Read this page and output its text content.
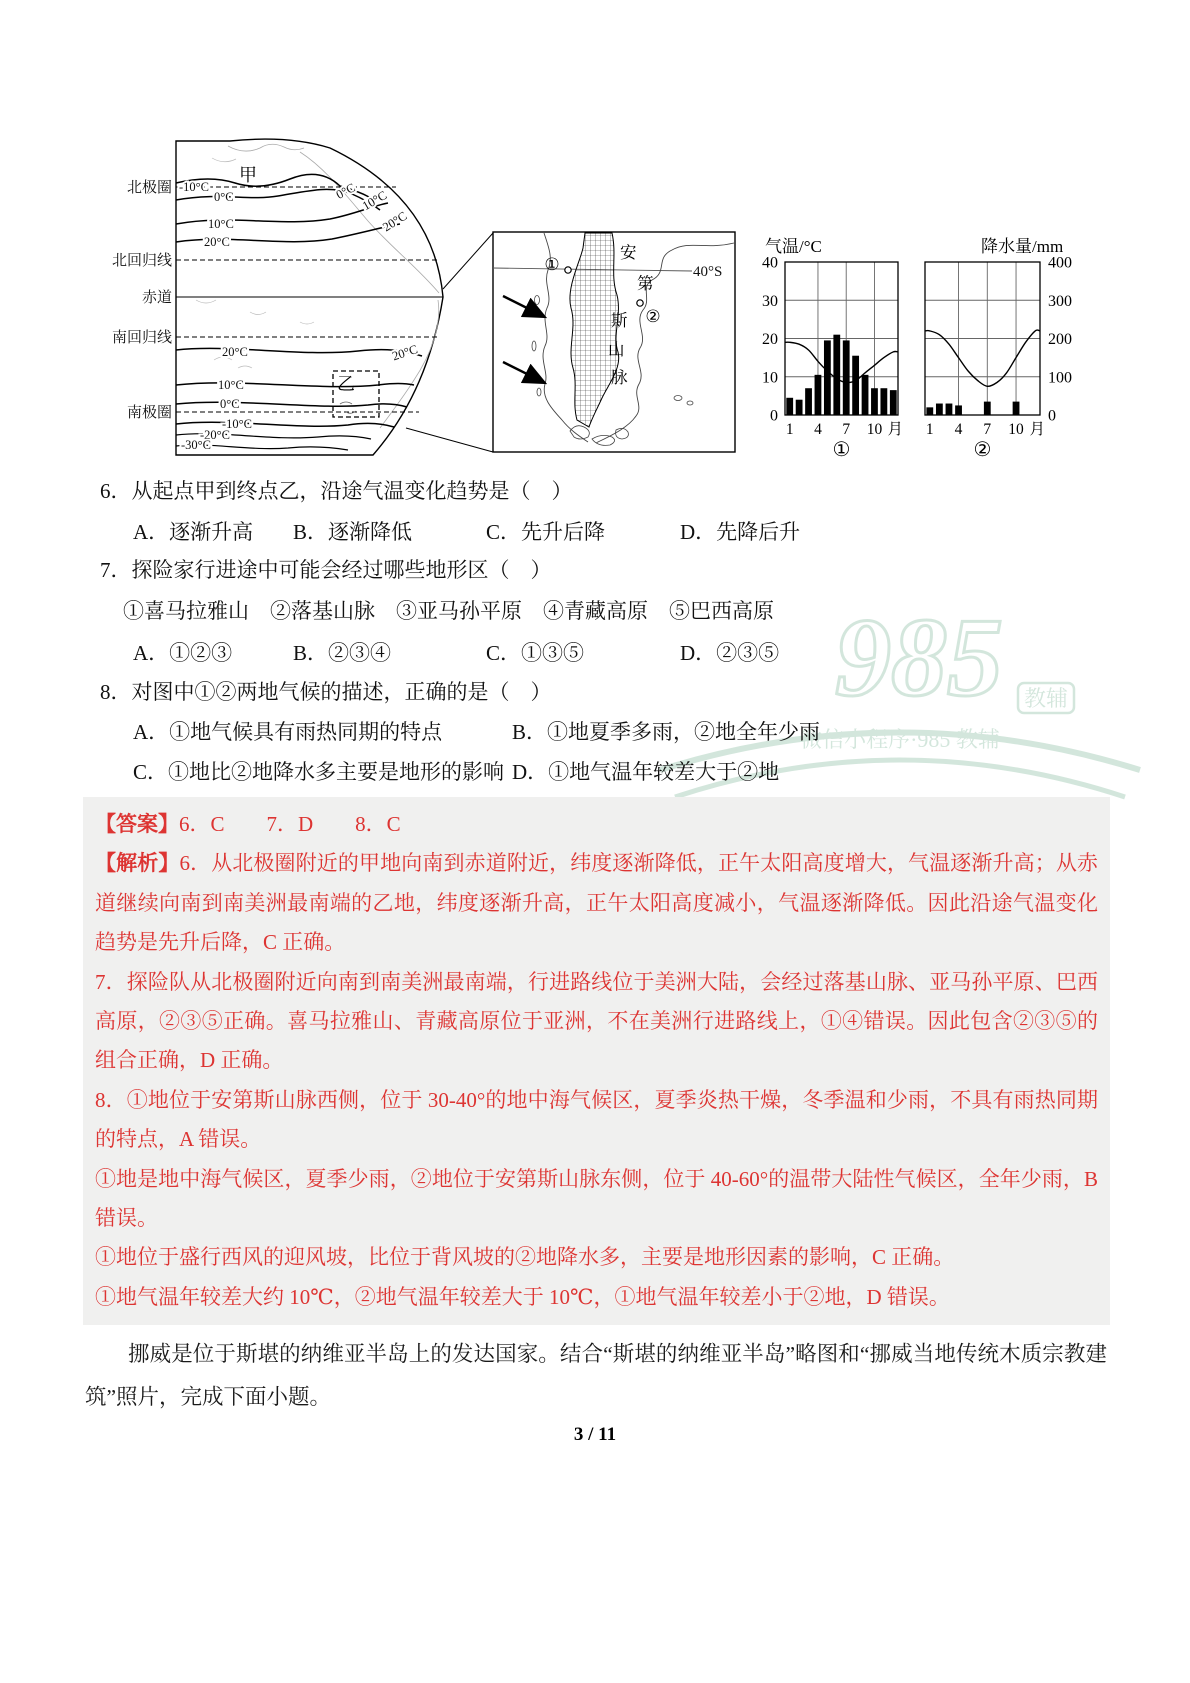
985 教辅
微信小程序·985 教辅
北极圈
北回归线
赤道
南回归线
南极圈
-10°C
0°C
10°C
20°C
0°C 10°C
20°C
20°C	20°C
10°C
0°C
-10°C
-20°C
-30°C
甲
乙
40°S
①
②
安
第
斯
山
脉
0
10
20
30
40
气温/°C
1 4 7 10 月
①
0
100
200
300
400
降水量/mm
1 4 7 10 月
②
6．从起点甲到终点乙，沿途气温变化趋势是（　）
A．逐渐升高 B．逐渐降低	C．先升后降	D．先降后升
7．探险家行进途中可能会经过哪些地形区（　）
①喜马拉雅山　②落基山脉　③亚马孙平原　④青藏高原　⑤巴西高原
A．①②③	B．②③④	C．①③⑤	D．②③⑤
8．对图中①②两地气候的描述，正确的是（　）
A．①地气候具有雨热同期的特点	B．①地夏季多雨，②地全年少雨
C．①地比②地降水多主要是地形的影响 D．①地气温年较差大于②地

【答案】6．C　　7．D　　8．C

【解析】6．从北极圈附近的甲地向南到赤道附近，纬度逐渐降低，正午太阳高度增大，气温逐渐升高；从赤道继续向南到南美洲最南端的乙地，纬度逐渐升高，正午太阳高度减小，气温逐渐降低。因此沿途气温变化趋势是先升后降，C 正确。

7．探险队从北极圈附近向南到南美洲最南端，行进路线位于美洲大陆，会经过落基山脉、亚马孙平原、巴西高原，②③⑤正确。喜马拉雅山、青藏高原位于亚洲，不在美洲行进路线上，①④错误。因此包含②③⑤的组合正确，D 正确。

8．①地位于安第斯山脉西侧，位于 30-40°的地中海气候区，夏季炎热干燥，冬季温和少雨，不具有雨热同期的特点，A 错误。

①地是地中海气候区，夏季少雨，②地位于安第斯山脉东侧，位于 40-60°的温带大陆性气候区，全年少雨，B 错误。

①地位于盛行西风的迎风坡，比位于背风坡的②地降水多，主要是地形因素的影响，C 正确。

①地气温年较差大约 10℃，②地气温年较差大于 10℃，①地气温年较差小于②地，D 错误。

挪威是位于斯堪的纳维亚半岛上的发达国家。结合“斯堪的纳维亚半岛”略图和“挪威当地传统木质宗教建筑”照片，完成下面小题。

3 / 11
